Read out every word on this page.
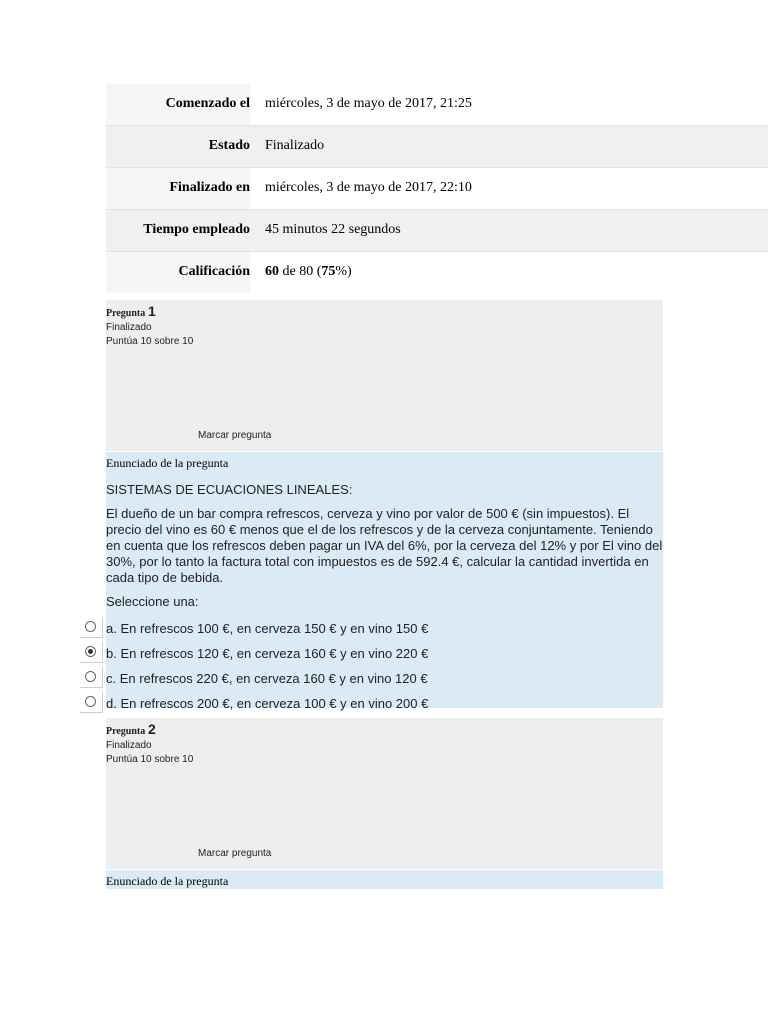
Comenzado el	miércoles, 3 de mayo de 2017, 21:25
Estado	Finalizado
Finalizado en	miércoles, 3 de mayo de 2017, 22:10
Tiempo empleado	45 minutos 22 segundos
Calificación	60 de 80 (75%)
Pregunta 1
Finalizado
Puntúa 10 sobre 10
Marcar pregunta
Enunciado de la pregunta

SISTEMAS DE ECUACIONES LINEALES:

El dueño de un bar compra refrescos, cerveza y vino por valor de 500 € (sin impuestos). El precio del vino es 60 € menos que el de los refrescos y de la cerveza conjuntamente. Teniendo en cuenta que los refrescos deben pagar un IVA del 6%, por la cerveza del 12% y por El vino del 30%, por lo tanto la factura total con impuestos es de 592.4 €, calcular la cantidad invertida en cada tipo de bebida.

Seleccione una:

a. En refrescos 100 €, en cerveza 150 € y en vino 150 €
b. En refrescos 120 €, en cerveza 160 € y en vino 220 €
c. En refrescos 220 €, en cerveza 160 € y en vino 120 €
d. En refrescos 200 €, en cerveza 100 € y en vino 200 €
Pregunta 2
Finalizado
Puntúa 10 sobre 10
Marcar pregunta
Enunciado de la pregunta
